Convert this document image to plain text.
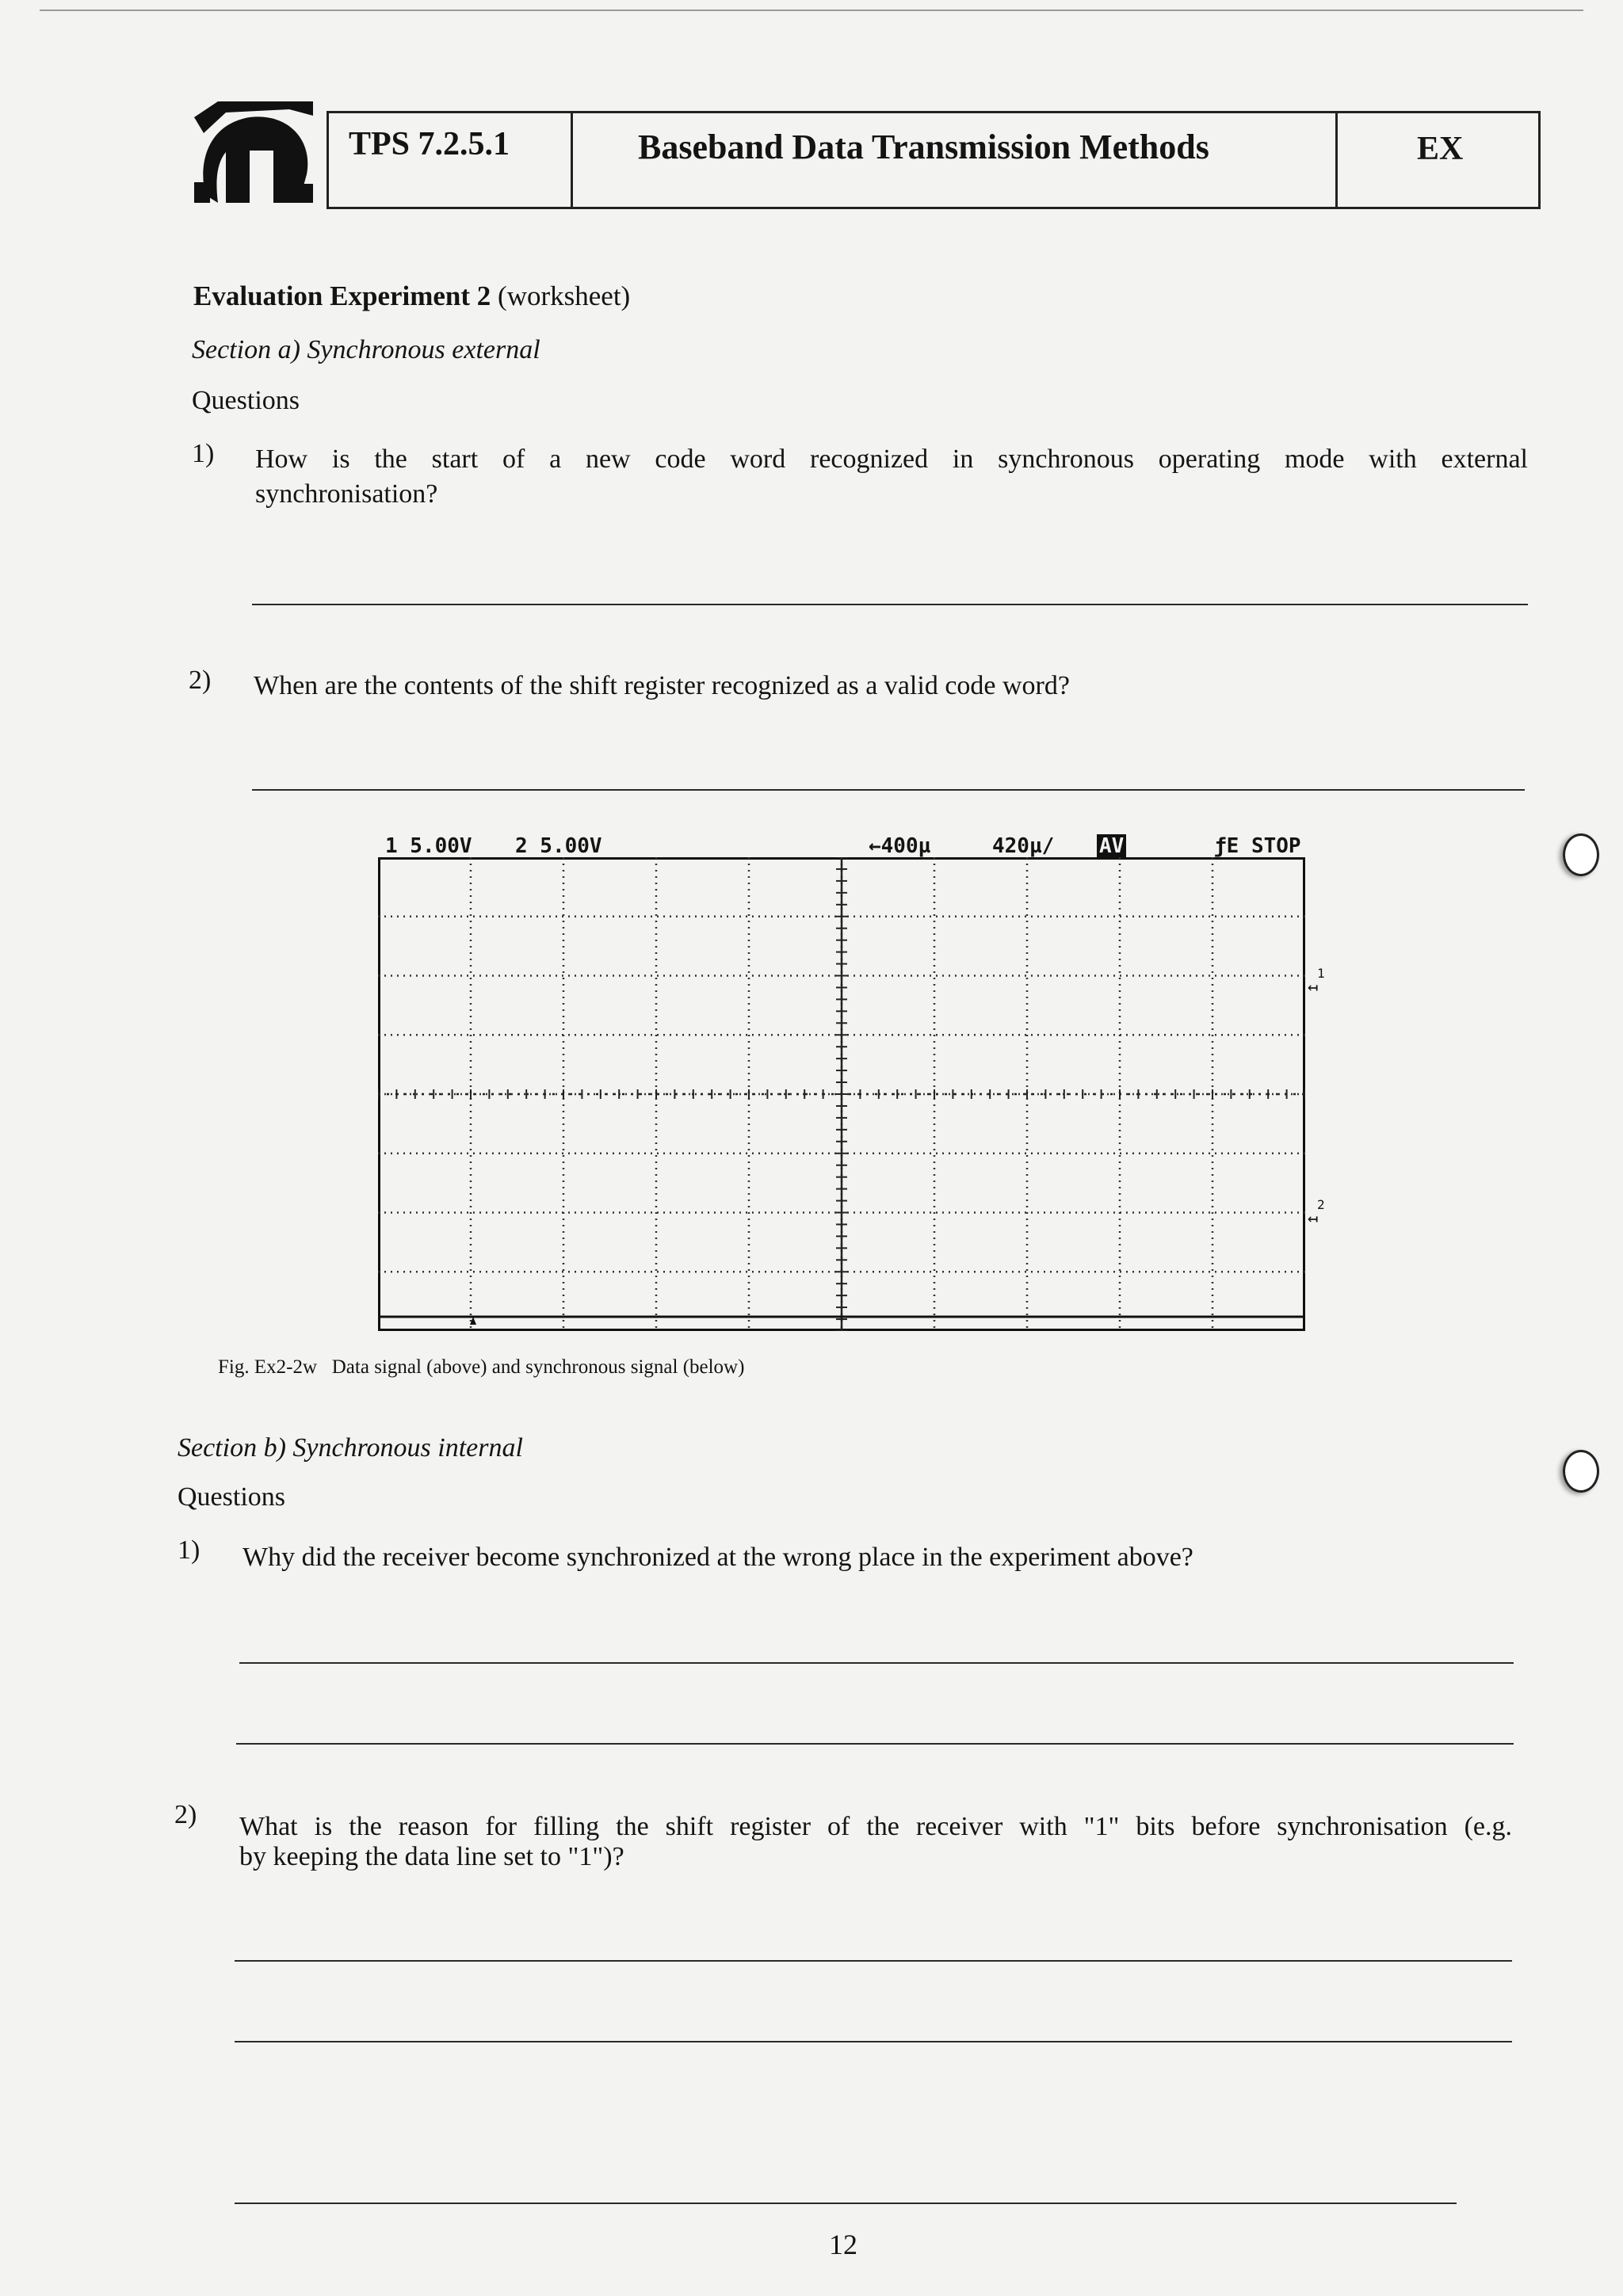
TPS 7.2.5.1	Baseband Data Transmission Methods	EX
Evaluation Experiment 2 (worksheet)
Section a) Synchronous external
Questions
1) How is the start of a new code word recognized in synchronous operating mode with external
synchronisation?
2) When are the contents of the shift register recognized as a valid code word?
1 5.00V 2 5.00V	←400µ	420µ/ AV	ƒE STOP
1
↤
2
↤
Fig. Ex2-2w Data signal (above) and synchronous signal (below)
Section b) Synchronous internal
Questions
1) Why did the receiver become synchronized at the wrong place in the experiment above?
2) What is the reason for filling the shift register of the receiver with "1" bits before synchronisation (e.g.
by keeping the data line set to "1")?
12
